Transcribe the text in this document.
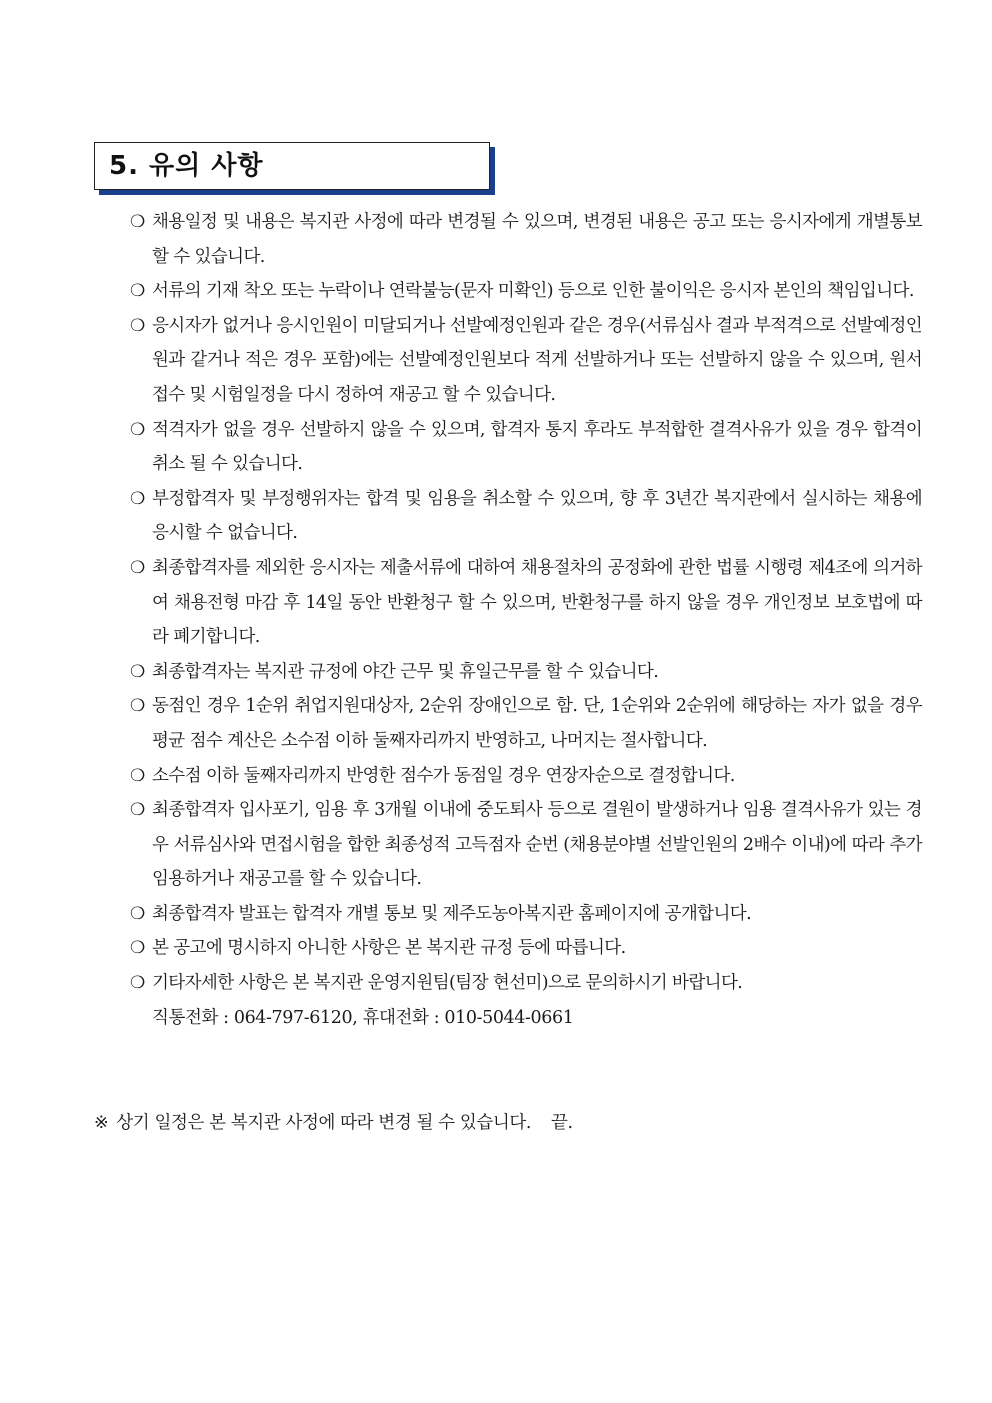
5. 유의 사항
❍ 채용일정 및 내용은 복지관 사정에 따라 변경될 수 있으며, 변경된 내용은 공고 또는 응시자에게 개별통보 할 수 있습니다.
❍ 서류의 기재 착오 또는 누락이나 연락불능(문자 미확인) 등으로 인한 불이익은 응시자 본인의 책임입니다.
❍ 응시자가 없거나 응시인원이 미달되거나 선발예정인원과 같은 경우(서류심사 결과 부적격으로 선발예정인원과 같거나 적은 경우 포함)에는 선발예정인원보다 적게 선발하거나 또는 선발하지 않을 수 있으며, 원서 접수 및 시험일정을 다시 정하여 재공고 할 수 있습니다.
❍ 적격자가 없을 경우 선발하지 않을 수 있으며, 합격자 통지 후라도 부적합한 결격사유가 있을 경우 합격이 취소 될 수 있습니다.
❍ 부정합격자 및 부정행위자는 합격 및 임용을 취소할 수 있으며, 향 후 3년간 복지관에서 실시하는 채용에 응시할 수 없습니다.
❍ 최종합격자를 제외한 응시자는 제출서류에 대하여 채용절차의 공정화에 관한 법률 시행령 제4조에 의거하여 채용전형 마감 후 14일 동안 반환청구 할 수 있으며, 반환청구를 하지 않을 경우 개인정보 보호법에 따라 폐기합니다.
❍ 최종합격자는 복지관 규정에 야간 근무 및 휴일근무를 할 수 있습니다.
❍ 동점인 경우 1순위 취업지원대상자, 2순위 장애인으로 함. 단, 1순위와 2순위에 해당하는 자가 없을 경우 평균 점수 계산은 소수점 이하 둘째자리까지 반영하고, 나머지는 절사합니다.
❍ 소수점 이하 둘째자리까지 반영한 점수가 동점일 경우 연장자순으로 결정합니다.
❍ 최종합격자 입사포기, 임용 후 3개월 이내에 중도퇴사 등으로 결원이 발생하거나 임용 결격사유가 있는 경우 서류심사와 면접시험을 합한 최종성적 고득점자 순번 (채용분야별 선발인원의 2배수 이내)에 따라 추가 임용하거나 재공고를 할 수 있습니다.
❍ 최종합격자 발표는 합격자 개별 통보 및 제주도농아복지관 홈페이지에 공개합니다.
❍ 본 공고에 명시하지 아니한 사항은 본 복지관 규정 등에 따릅니다.
❍ 기타자세한 사항은 본 복지관 운영지원팀(팀장 현선미)으로 문의하시기 바랍니다.
직통전화 : 064-797-6120, 휴대전화 : 010-5044-0661
※ 상기 일정은 본 복지관 사정에 따라 변경 될 수 있습니다. 끝.
